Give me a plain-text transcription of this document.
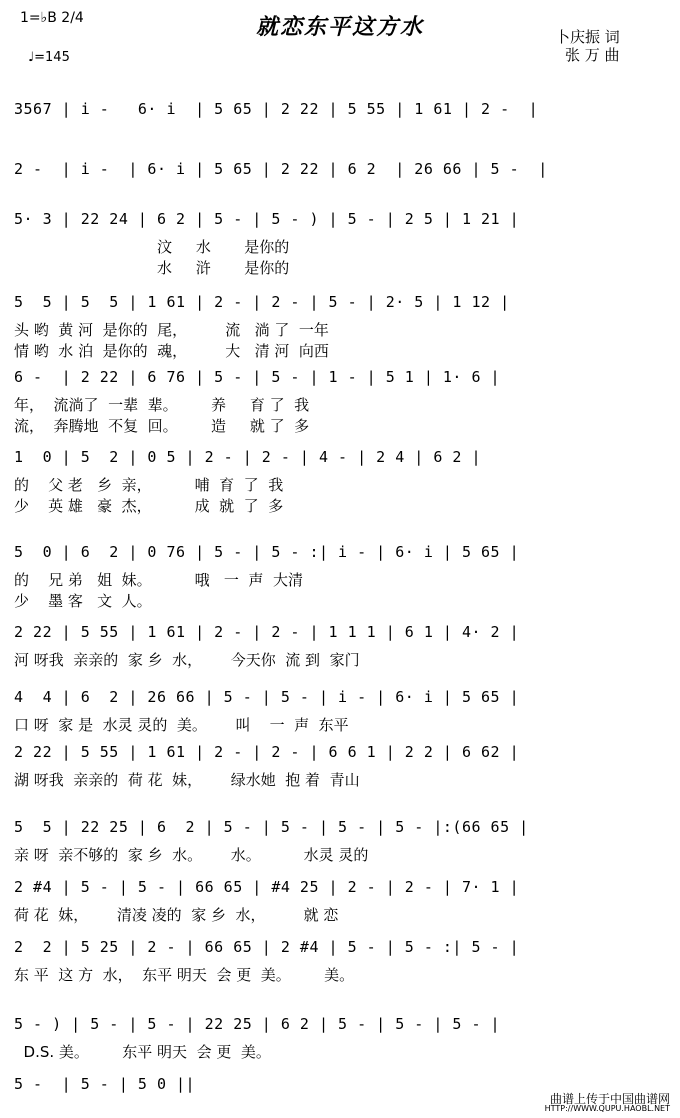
就恋东平这方水
1=♭B 2/4
♩=145
卜庆振 词
张 万 曲
3567 | i -   6· i  | 5 65 | 2 22 | 5 55 | 1 61 | 2 -  |
2 -  | i -  | 6· i | 5 65 | 2 22 | 6 2  | 26 66 | 5 -  |
5· 3 | 22 24 | 6 2 | 5 - | 5 - ) | 5 - | 2 5 | 1 21 |
汶     水       是你的
水     浒       是你的
5  5 | 5  5 | 1 61 | 2 - | 2 - | 5 - | 2· 5 | 1 12 |
头 哟  黄 河  是你的  尾，        流   淌 了  一年
情 哟  水 泊  是你的  魂，        大   清 河  向西
6 -  | 2 22 | 6 76 | 5 - | 5 - | 1 - | 5 1 | 1· 6 |
年，  流淌了  一辈  辈。       养     育 了  我
流，  奔腾地  不复  回。       造     就 了  多
1  0 | 5  2 | 0 5 | 2 - | 2 - | 4 - | 2 4 | 6 2 |
的    父 老   乡  亲，         哺  育  了  我
少    英 雄   豪  杰，         成  就  了  多
5  0 | 6  2 | 0 76 | 5 - | 5 - :| i - | 6· i | 5 65 |
的    兄 弟   姐  妹。         哦   一  声  大清
少    墨 客   文  人。
2 22 | 5 55 | 1 61 | 2 - | 2 - | 1 1 1 | 6 1 | 4· 2 |
河 呀我  亲亲的  家 乡  水，      今天你  流 到  家门
4  4 | 6  2 | 26 66 | 5 - | 5 - | i - | 6· i | 5 65 |
口 呀  家 是  水灵 灵的  美。      叫    一  声  东平
2 22 | 5 55 | 1 61 | 2 - | 2 - | 6 6 1 | 2 2 | 6 62 |
湖 呀我  亲亲的  荷 花  妹，      绿水她  抱 着  青山
5  5 | 22 25 | 6  2 | 5 - | 5 - | 5 - | 5 - |:(66 65 |
亲 呀  亲不够的  家 乡  水。      水。         水灵 灵的
2 #4 | 5 - | 5 - | 66 65 | #4 25 | 2 - | 2 - | 7· 1 |
荷 花  妹，      清凌 凌的  家 乡  水，        就 恋
2  2 | 5 25 | 2 - | 66 65 | 2 #4 | 5 - | 5 - :| 5 - |
东 平  这 方  水，  东平 明天  会 更  美。       美。
5 - ) | 5 - | 5 - | 22 25 | 6 2 | 5 - | 5 - | 5 - |
D.S. 美。       东平 明天  会 更  美。
5 -  | 5 - | 5 0 ||
曲谱上传于中国曲谱网
HTTP://WWW.QUPU.HAOBL.NET
